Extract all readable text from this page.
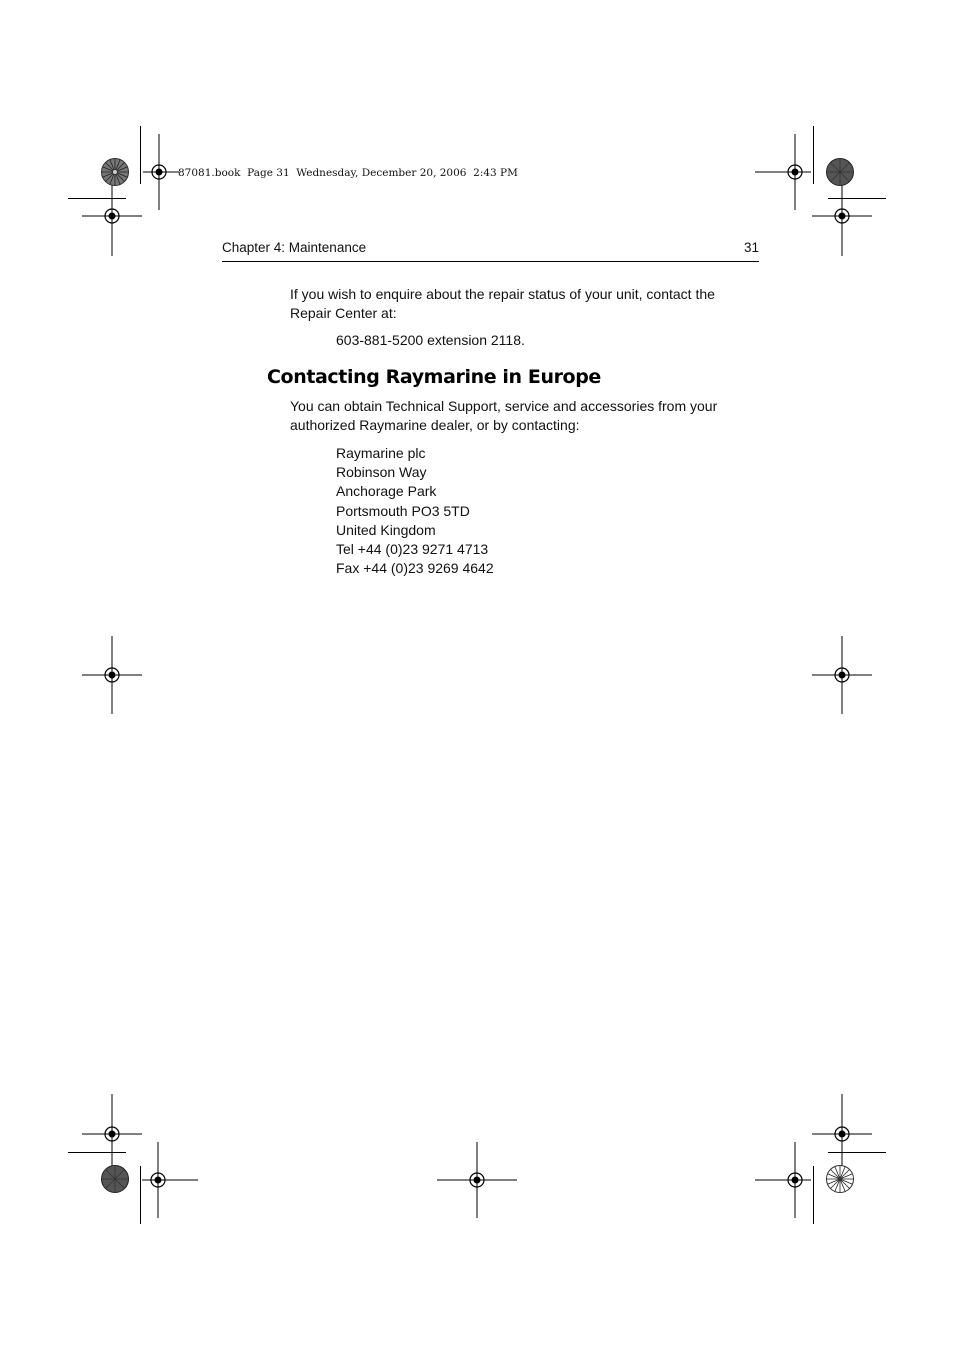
87081.book  Page 31  Wednesday, December 20, 2006  2:43 PM
Chapter 4: Maintenance	31
If you wish to enquire about the repair status of your unit, contact the Repair Center at:
603-881-5200 extension 2118.
Contacting Raymarine in Europe
You can obtain Technical Support, service and accessories from your authorized Raymarine dealer, or by contacting:
Raymarine plc
Robinson Way
Anchorage Park
Portsmouth PO3 5TD
United Kingdom
Tel +44 (0)23 9271 4713
Fax +44 (0)23 9269 4642
